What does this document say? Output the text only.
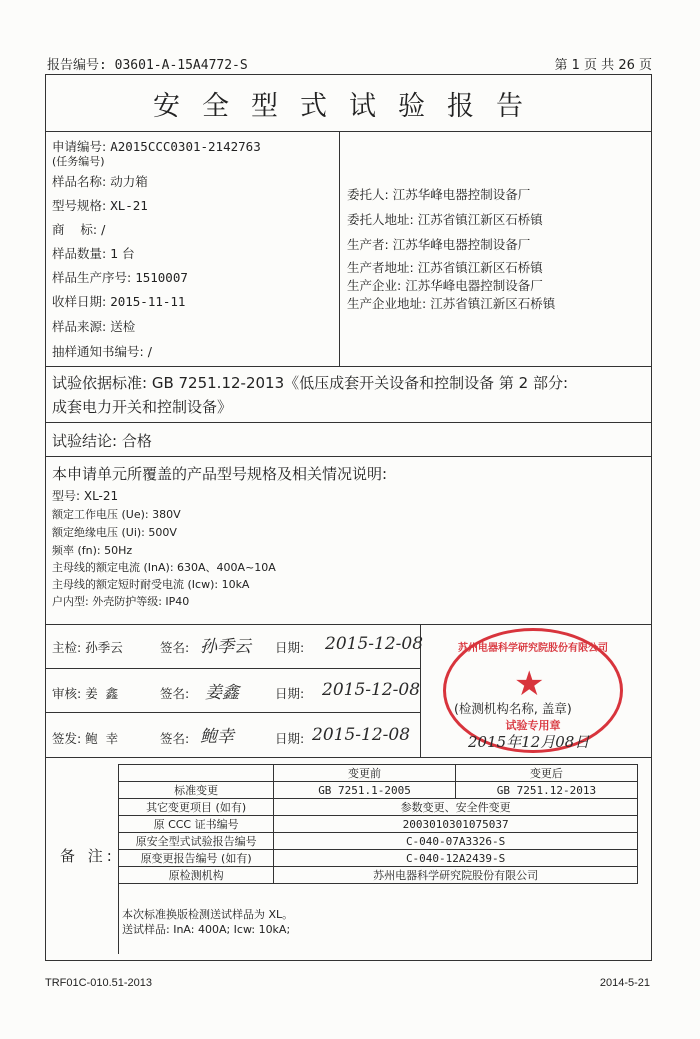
报告编号: 03601-A-15A4772-S	第 1 页 共 26 页
安全型式试验报告
申请编号: A2015CCC0301-2142763
(任务编号)
样品名称: 动力箱
型号规格: XL-21
商    标: /
样品数量: 1 台
样品生产序号: 1510007
收样日期: 2015-11-11
样品来源: 送检
抽样通知书编号: /
委托人: 江苏华峰电器控制设备厂
委托人地址: 江苏省镇江新区石桥镇
生产者: 江苏华峰电器控制设备厂
生产者地址: 江苏省镇江新区石桥镇
生产企业: 江苏华峰电器控制设备厂
生产企业地址: 江苏省镇江新区石桥镇
试验依据标准: GB 7251.12-2013《低压成套开关设备和控制设备 第 2 部分:
成套电力开关和控制设备》
试验结论: 合格
本申请单元所覆盖的产品型号规格及相关情况说明:
型号: XL-21
额定工作电压 (Ue): 380V
额定绝缘电压 (Ui): 500V
频率 (fn): 50Hz
主母线的额定电流 (InA): 630A、400A~10A
主母线的额定短时耐受电流 (Icw): 10kA
户内型: 外壳防护等级: IP40
主检: 孙季云	签名: 孙季云 日期: 2015-12-08
审核: 姜  鑫	签名: 姜鑫	日期: 2015-12-08
签发: 鲍  幸	签名: 鲍幸	日期: 2015-12-08
苏州电器科学研究院股份有限公司
★
试验专用章
(检测机构名称, 盖章)
2015年12月08日
备 注:
	变更前	变更后
标准变更	GB 7251.1-2005	GB 7251.12-2013
其它变更项目 (如有)	参数变更、安全件变更	
原 CCC 证书编号	2003010301075037	
原安全型式试验报告编号	C-040-07A3326-S	
原变更报告编号 (如有)	C-040-12A2439-S	
原检测机构	苏州电器科学研究院股份有限公司	
本次标准换版检测送试样品为 XL。
送试样品: InA: 400A; Icw: 10kA;
TRF01C-010.51-2013	2014-5-21
